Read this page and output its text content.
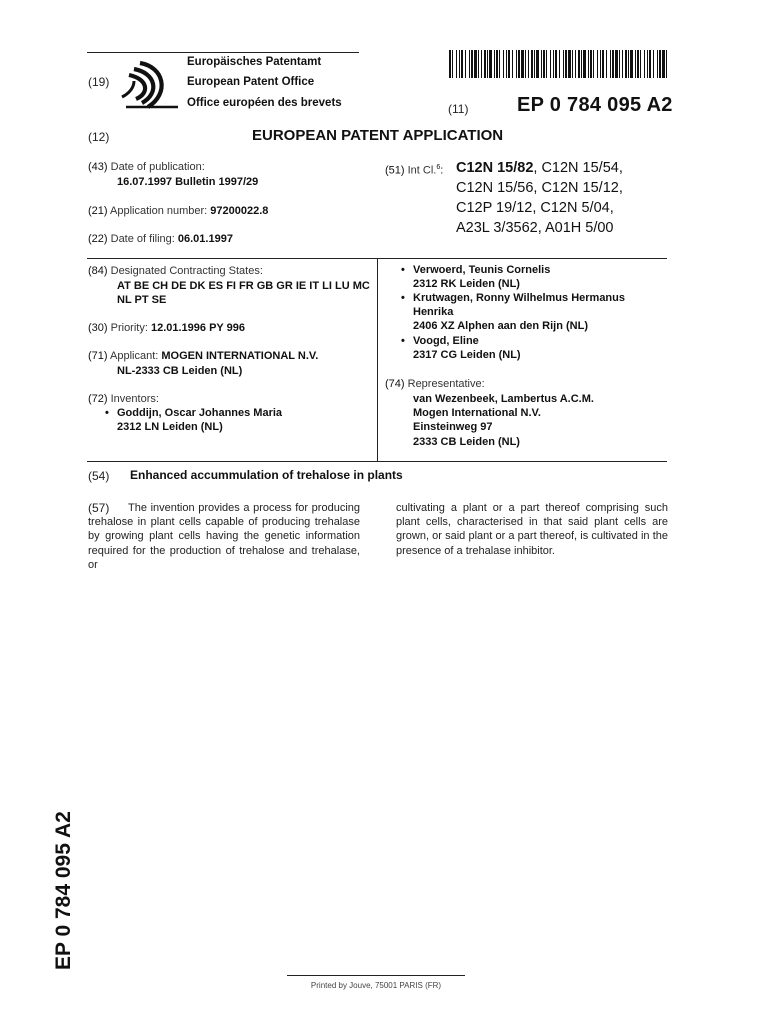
(19)
Europäisches Patentamt
European Patent Office
Office européen des brevets	(11) EP 0 784 095 A2
(12)	EUROPEAN PATENT APPLICATION
(43) Date of publication:
16.07.1997 Bulletin 1997/29
(21) Application number: 97200022.8
(22) Date of filing: 06.01.1997
(51) Int Cl.$^6$: C12N 15/82, C12N 15/54,
C12N 15/56, C12N 15/12,
C12P 19/12, C12N 5/04,
A23L 3/3562, A01H 5/00
(84) Designated Contracting States:
AT BE CH DE DK ES FI FR GB GR IE IT LI LU MC
NL PT SE
(30) Priority: 12.01.1996 PY 996
(71) Applicant: MOGEN INTERNATIONAL N.V.
NL-2333 CB Leiden (NL)
(72) Inventors:
• Goddijn, Oscar Johannes Maria
2312 LN Leiden (NL)
• Verwoerd, Teunis Cornelis
2312 RK Leiden (NL)
• Krutwagen, Ronny Wilhelmus Hermanus
Henrika
2406 XZ Alphen aan den Rijn (NL)
• Voogd, Eline
2317 CG Leiden (NL)
(74) Representative:
van Wezenbeek, Lambertus A.C.M.
Mogen International N.V.
Einsteinweg 97
2333 CB Leiden (NL)
(54) Enhanced accummulation of trehalose in plants
(57)	The invention provides a process for producing trehalose in plant cells capable of producing trehalase by growing plant cells having the genetic information required for the production of trehalose and trehalase, or
cultivating a plant or a part thereof comprising such plant cells, characterised in that said plant cells are grown, or said plant or a part thereof, is cultivated in the presence of a trehalase inhibitor.
EP 0 784 095 A2
Printed by Jouve, 75001 PARIS (FR)
